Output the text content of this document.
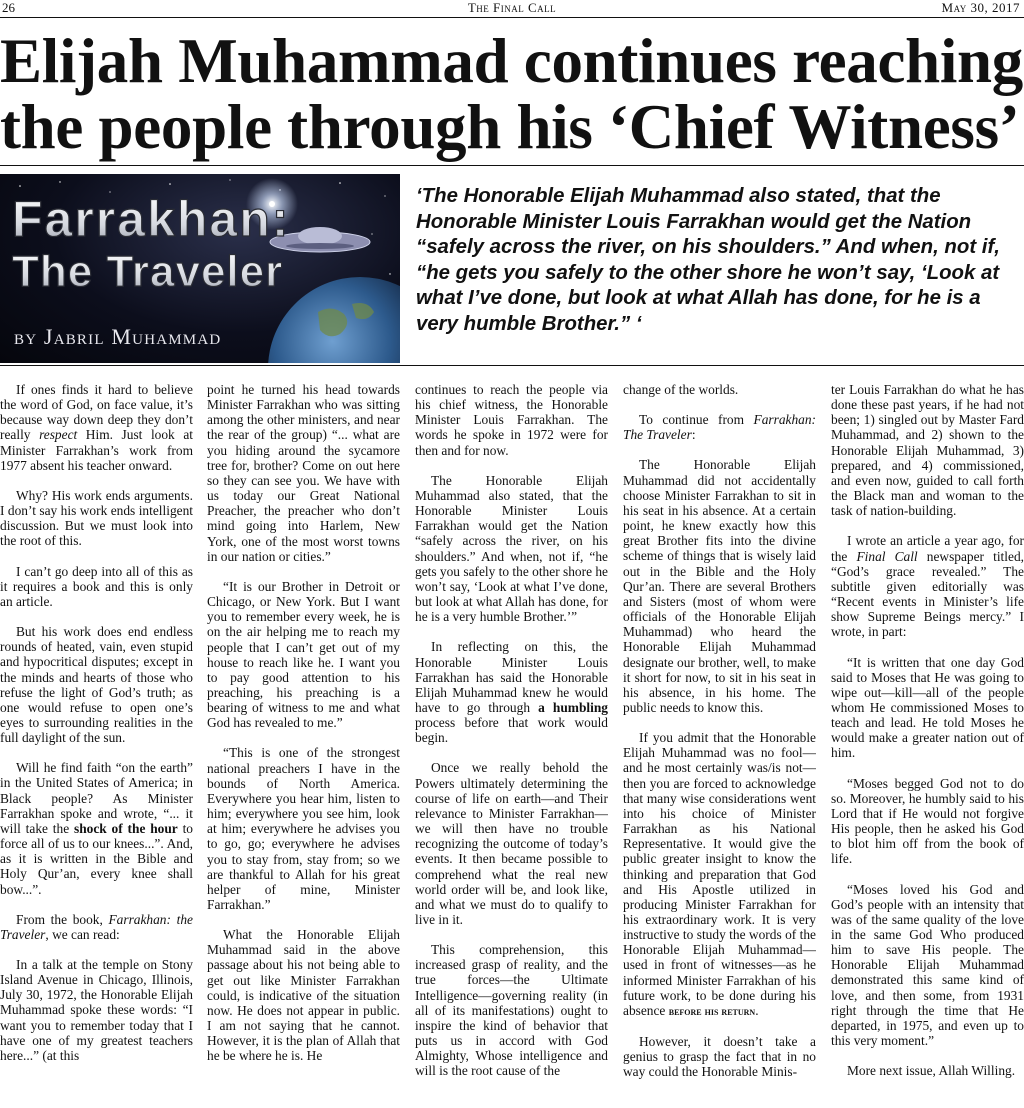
26	The Final Call	May 30, 2017
Elijah Muhammad continues reaching
the people through his ‘Chief Witness’
Farrakhan:
The Traveler
by Jabril Muhammad

‘The Honorable Elijah Muhammad also stated, that the Honorable Minister Louis Farrakhan would get the Nation “safely across the river, on his shoulders.” And when, not if, “he gets you safely to the other shore he won’t say, ‘Look at what I’ve done, but look at what Allah has done, for he is a very humble Brother.” ‘

If ones finds it hard to believe the word of God, on face value, it’s because way down deep they don’t really respect Him. Just look at Minister Farrakhan’s work from 1977 absent his teacher onward.

Why? His work ends arguments. I don’t say his work ends intelligent discussion. But we must look into the root of this.

I can’t go deep into all of this as it requires a book and this is only an article.

But his work does end endless rounds of heated, vain, even stupid and hypocritical disputes; except in the minds and hearts of those who refuse the light of God’s truth; as one would refuse to open one’s eyes to surrounding realities in the full daylight of the sun.

Will he find faith “on the earth” in the United States of America; in Black people? As Minister Farrakhan spoke and wrote, “... it will take the shock of the hour to force all of us to our knees...”. And, as it is written in the Bible and Holy Qur’an, every knee shall bow...”.

From the book, Farrakhan: the Traveler, we can read:

In a talk at the temple on Stony Island Avenue in Chicago, Illinois, July 30, 1972, the Honorable Elijah Muhammad spoke these words: “I want you to remember today that I have one of my greatest teachers here...” (at this

point he turned his head towards Minister Farrakhan who was sitting among the other ministers, and near the rear of the group) “... what are you hiding around the sycamore tree for, brother? Come on out here so they can see you. We have with us today our Great National Preacher, the preacher who don’t mind going into Harlem, New York, one of the most worst towns in our nation or cities.”

“It is our Brother in Detroit or Chicago, or New York. But I want you to remember every week, he is on the air helping me to reach my people that I can’t get out of my house to reach like he. I want you to pay good attention to his preaching, his preaching is a bearing of witness to me and what God has revealed to me.”

“This is one of the strongest national preachers I have in the bounds of North America. Everywhere you hear him, listen to him; everywhere you see him, look at him; everywhere he advises you to go, go; everywhere he advises you to stay from, stay from; so we are thankful to Allah for his great helper of mine, Minister Farrakhan.”

What the Honorable Elijah Muhammad said in the above passage about his not being able to get out like Minister Farrakhan could, is indicative of the situation now. He does not appear in public. I am not saying that he cannot. However, it is the plan of Allah that he be where he is. He

continues to reach the people via his chief witness, the Honorable Minister Louis Farrakhan. The words he spoke in 1972 were for then and for now.

The Honorable Elijah Muhammad also stated, that the Honorable Minister Louis Farrakhan would get the Nation “safely across the river, on his shoulders.” And when, not if, “he gets you safely to the other shore he won’t say, ‘Look at what I’ve done, but look at what Allah has done, for he is a very humble Brother.’”

In reflecting on this, the Honorable Minister Louis Farrakhan has said the Honorable Elijah Muhammad knew he would have to go through a humbling process before that work would begin.

Once we really behold the Powers ultimately determining the course of life on earth—and Their relevance to Minister Farrakhan—we will then have no trouble recognizing the outcome of today’s events. It then became possible to comprehend what the real new world order will be, and look like, and what we must do to qualify to live in it.

This comprehension, this increased grasp of reality, and the true forces—the Ultimate Intelligence—governing reality (in all of its manifestations) ought to inspire the kind of behavior that puts us in accord with God Almighty, Whose intelligence and will is the root cause of the

change of the worlds.

To continue from Farrakhan: The Traveler:

The Honorable Elijah Muhammad did not accidentally choose Minister Farrakhan to sit in his seat in his absence. At a certain point, he knew exactly how this great Brother fits into the divine scheme of things that is wisely laid out in the Bible and the Holy Qur’an. There are several Brothers and Sisters (most of whom were officials of the Honorable Elijah Muhammad) who heard the Honorable Elijah Muhammad designate our brother, well, to make it short for now, to sit in his seat in his absence, in his home. The public needs to know this.

If you admit that the Honorable Elijah Muhammad was no fool—and he most certainly was/is not—then you are forced to acknowledge that many wise considerations went into his choice of Minister Farrakhan as his National Representative. It would give the public greater insight to know the thinking and preparation that God and His Apostle utilized in producing Minister Farrakhan for his extraordinary work. It is very instructive to study the words of the Honorable Elijah Muhammad—used in front of witnesses—as he informed Minister Farrakhan of his future work, to be done during his absence before his return.

However, it doesn’t take a genius to grasp the fact that in no way could the Honorable Minis-

ter Louis Farrakhan do what he has done these past years, if he had not been; 1) singled out by Master Fard Muhammad, and 2) shown to the Honorable Elijah Muhammad, 3) prepared, and 4) commissioned, and even now, guided to call forth the Black man and woman to the task of nation-building.

I wrote an article a year ago, for the Final Call newspaper titled, “God’s grace revealed.” The subtitle given editorially was “Recent events in Minister’s life show Supreme Beings mercy.” I wrote, in part:

“It is written that one day God said to Moses that He was going to wipe out—kill—all of the people whom He commissioned Moses to teach and lead. He told Moses he would make a greater nation out of him.

“Moses begged God not to do so. Moreover, he humbly said to his Lord that if He would not forgive His people, then he asked his God to blot him off from the book of life.

“Moses loved his God and God’s people with an intensity that was of the same quality of the love in the same God Who produced him to save His people. The Honorable Elijah Muhammad demonstrated this same kind of love, and then some, from 1931 right through the time that He departed, in 1975, and even up to this very moment.”

More next issue, Allah Willing.
